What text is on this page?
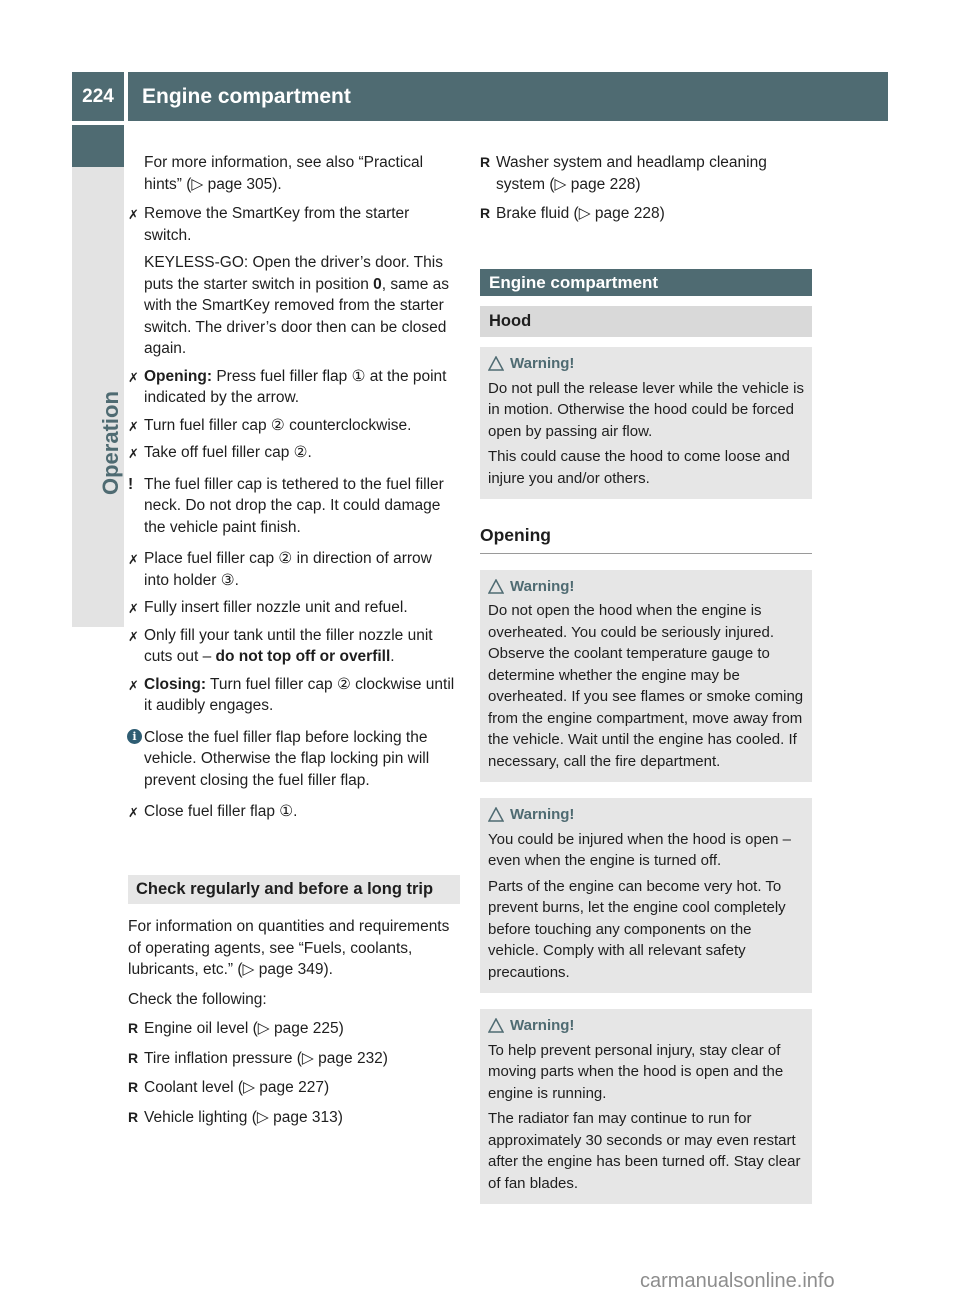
224	Engine compartment
Operation

For more information, see also “Practical hints” (▷ page 305).

✗ Remove the SmartKey from the starter switch.
KEYLESS-GO: Open the driver’s door. This puts the starter switch in position 0, same as with the SmartKey removed from the starter switch. The driver’s door then can be closed again.
✗ Opening: Press fuel filler flap ① at the point indicated by the arrow.
✗ Turn fuel filler cap ② counterclockwise.
✗ Take off fuel filler cap ②.
! The fuel filler cap is tethered to the fuel filler neck. Do not drop the cap. It could damage the vehicle paint finish.
✗ Place fuel filler cap ② in direction of arrow into holder ③.
✗ Fully insert filler nozzle unit and refuel.
✗ Only fill your tank until the filler nozzle unit cuts out – do not top off or overfill.
✗ Closing: Turn fuel filler cap ② clockwise until it audibly engages.
i Close the fuel filler flap before locking the vehicle. Otherwise the flap locking pin will prevent closing the fuel filler flap.
✗ Close fuel filler flap ①.
Check regularly and before a long trip

For information on quantities and requirements of operating agents, see “Fuels, coolants, lubricants, etc.” (▷ page 349).

Check the following:

R Engine oil level (▷ page 225)
R Tire inflation pressure (▷ page 232)
R Coolant level (▷ page 227)
R Vehicle lighting (▷ page 313)
R Washer system and headlamp cleaning system (▷ page 228)
R Brake fluid (▷ page 228)
Engine compartment
Hood
Warning!

Do not pull the release lever while the vehicle is in motion. Otherwise the hood could be forced open by passing air flow.

This could cause the hood to come loose and injure you and/or others.

Opening
Warning!

Do not open the hood when the engine is overheated. You could be seriously injured. Observe the coolant temperature gauge to determine whether the engine may be overheated. If you see flames or smoke coming from the engine compartment, move away from the vehicle. Wait until the engine has cooled. If necessary, call the fire department.

Warning!

You could be injured when the hood is open – even when the engine is turned off.

Parts of the engine can become very hot. To prevent burns, let the engine cool completely before touching any components on the vehicle. Comply with all relevant safety precautions.

Warning!

To help prevent personal injury, stay clear of moving parts when the hood is open and the engine is running.

The radiator fan may continue to run for approximately 30 seconds or may even restart after the engine has been turned off. Stay clear of fan blades.

carmanualsonline.info
